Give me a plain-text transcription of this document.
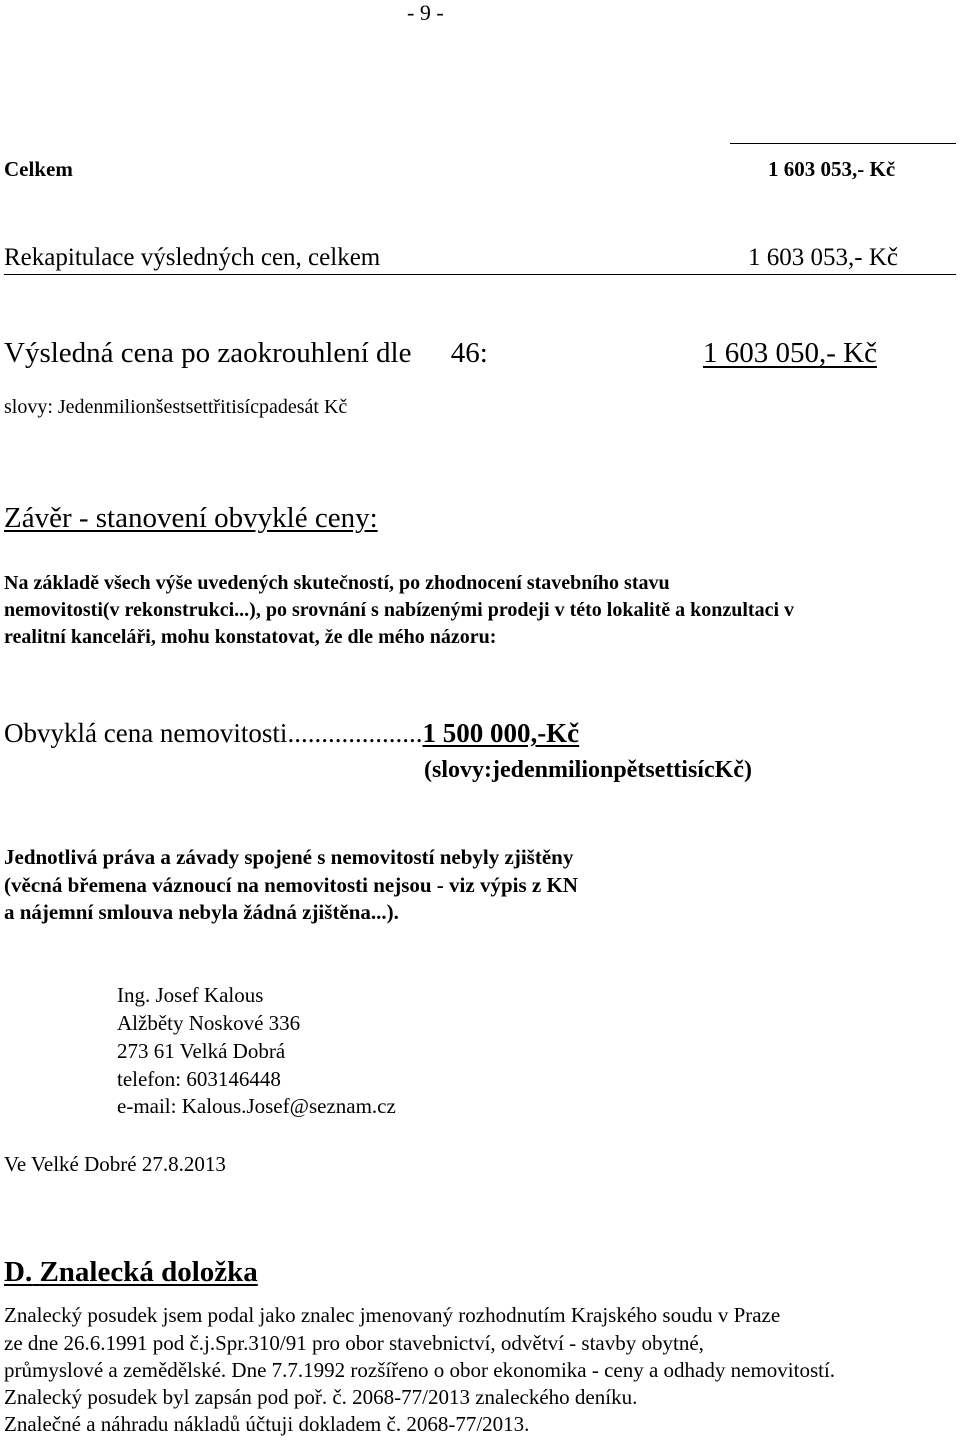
- 9 -
Celkem	1 603 053,- Kč
Rekapitulace výsledných cen, celkem	1 603 053,- Kč
Výsledná cena po zaokrouhlení dle 46:	1 603 050,- Kč
slovy: Jedenmilionšestsettřitisícpadesát Kč
Závěr - stanovení obvyklé ceny:
Na základě všech výše uvedených skutečností, po zhodnocení stavebního stavu
nemovitosti(v rekonstrukci...), po srovnání s nabízenými prodeji v této lokalitě a konzultaci v
realitní kanceláři, mohu konstatovat, že dle mého názoru:
Obvyklá cena nemovitosti....................1 500 000,-Kč
(slovy:jedenmilionpětsettisícKč)
Jednotlivá práva a závady spojené s nemovitostí nebyly zjištěny
(věcná břemena váznoucí na nemovitosti nejsou - viz výpis z KN
a nájemní smlouva nebyla žádná zjištěna...).
Ing. Josef Kalous
Alžběty Noskové 336
273 61 Velká Dobrá
telefon: 603146448
e-mail: Kalous.Josef@seznam.cz
Ve Velké Dobré 27.8.2013
D. Znalecká doložka
Znalecký posudek jsem podal jako znalec jmenovaný rozhodnutím Krajského soudu v Praze
ze dne 26.6.1991 pod č.j.Spr.310/91 pro obor stavebnictví, odvětví - stavby obytné,
průmyslové a zemědělské. Dne 7.7.1992 rozšířeno o obor ekonomika - ceny a odhady nemovitostí.
Znalecký posudek byl zapsán pod poř. č. 2068-77/2013 znaleckého deníku.
Znalečné a náhradu nákladů účtuji dokladem č. 2068-77/2013.
